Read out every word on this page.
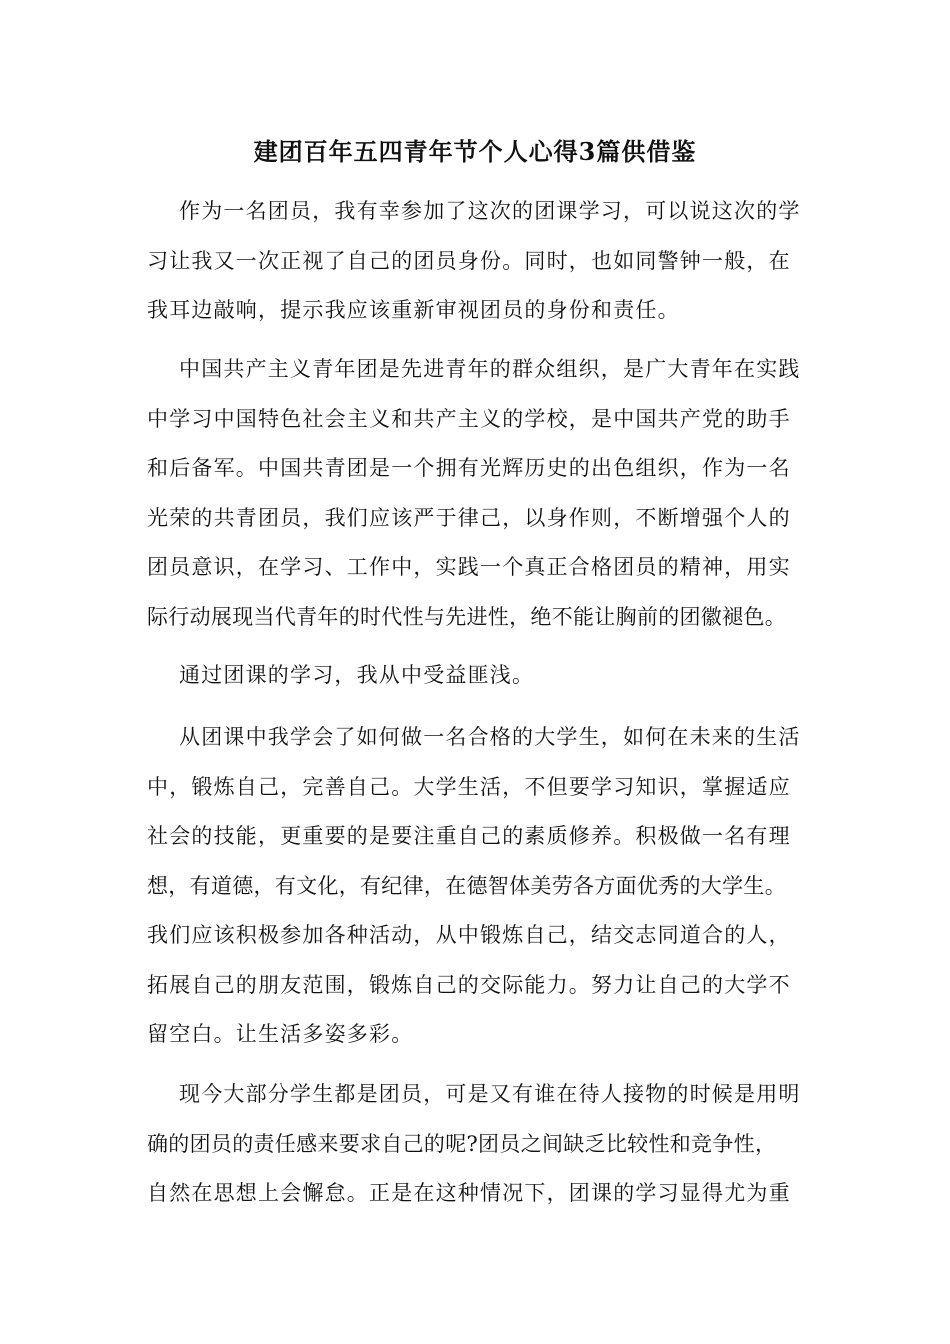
建团百年五四青年节个人心得3篇供借鉴
作为一名团员，我有幸参加了这次的团课学习，可以说这次的学
习让我又一次正视了自己的团员身份。同时，也如同警钟一般，在
我耳边敲响，提示我应该重新审视团员的身份和责任。
中国共产主义青年团是先进青年的群众组织，是广大青年在实践
中学习中国特色社会主义和共产主义的学校，是中国共产党的助手
和后备军。中国共青团是一个拥有光辉历史的出色组织，作为一名
光荣的共青团员，我们应该严于律己，以身作则，不断增强个人的
团员意识，在学习、工作中，实践一个真正合格团员的精神，用实
际行动展现当代青年的时代性与先进性，绝不能让胸前的团徽褪色。
通过团课的学习，我从中受益匪浅。
从团课中我学会了如何做一名合格的大学生，如何在未来的生活
中，锻炼自己，完善自己。大学生活，不但要学习知识，掌握适应
社会的技能，更重要的是要注重自己的素质修养。积极做一名有理
想，有道德，有文化，有纪律，在德智体美劳各方面优秀的大学生。
我们应该积极参加各种活动，从中锻炼自己，结交志同道合的人，
拓展自己的朋友范围，锻炼自己的交际能力。努力让自己的大学不
留空白。让生活多姿多彩。
现今大部分学生都是团员，可是又有谁在待人接物的时候是用明
确的团员的责任感来要求自己的呢?团员之间缺乏比较性和竞争性，
自然在思想上会懈怠。正是在这种情况下，团课的学习显得尤为重
